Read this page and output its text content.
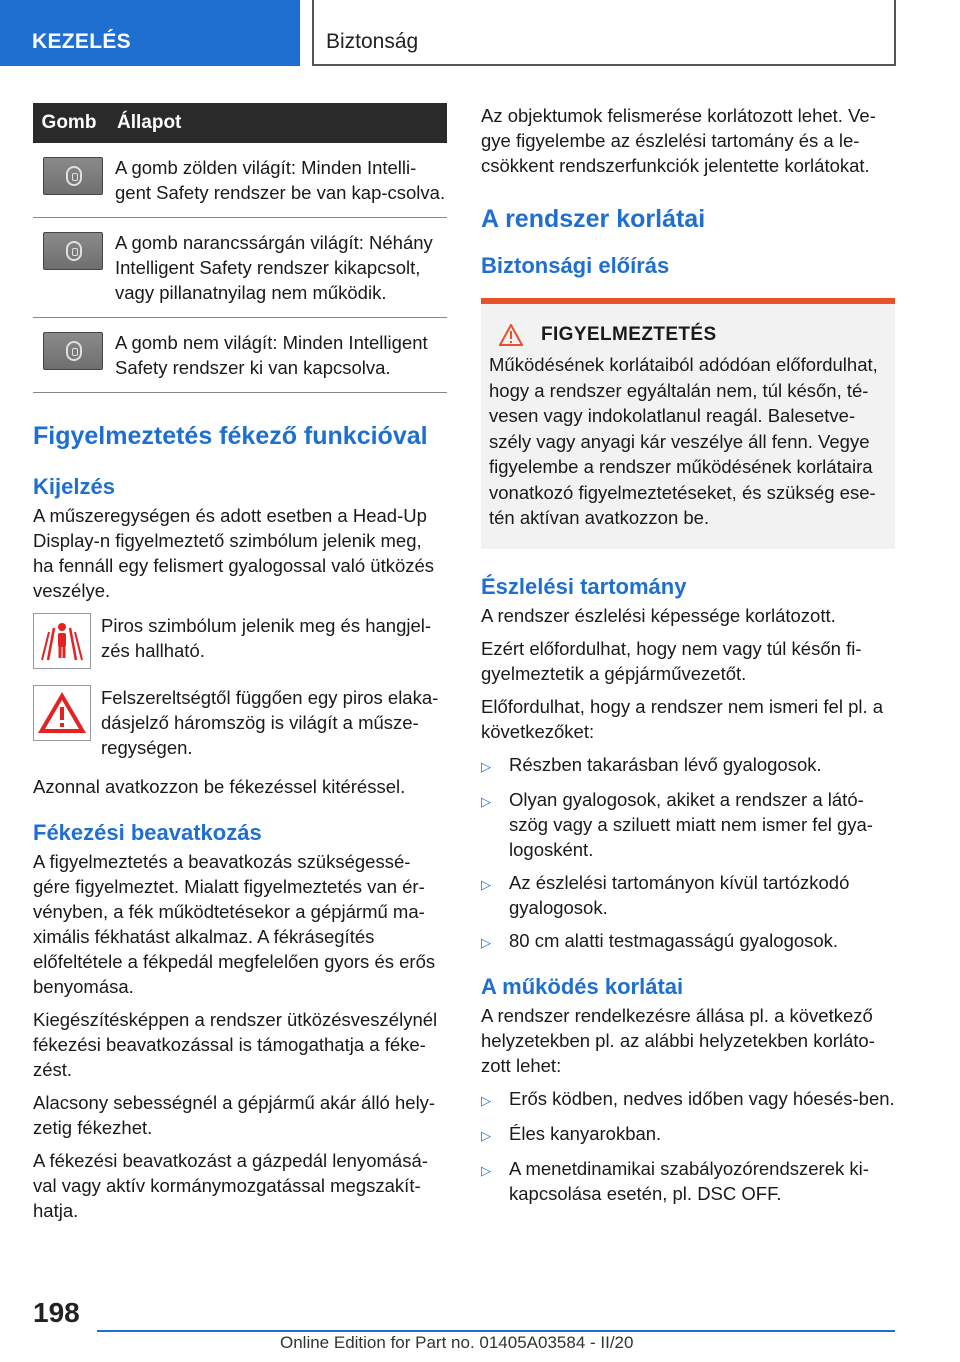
KEZELÉS	Biztonság
Gomb	Állapot
A gomb zölden világít: Minden Intelli-gent Safety rendszer be van kap-csolva.
A gomb narancssárgán világít: Néhány Intelligent Safety rendszer kikapcsolt, vagy pillanatnyilag nem működik.
A gomb nem világít: Minden Intelligent Safety rendszer ki van kapcsolva.
Figyelmeztetés fékező funkcióval
Kijelzés

A műszeregységen és adott esetben a Head-Up Display-n figyelmeztető szimbólum jelenik meg, ha fennáll egy felismert gyalogossal való ütközés veszélye.

Piros szimbólum jelenik meg és hangjel-zés hallható.
Felszereltségtől függően egy piros elaka-dásjelző háromszög is világít a műsze-regységen.

Azonnal avatkozzon be fékezéssel kitéréssel.

Fékezési beavatkozás

A figyelmeztetés a beavatkozás szükségessé-gére figyelmeztet. Mialatt figyelmeztetés van ér-vényben, a fék működtetésekor a gépjármű ma-ximális fékhatást alkalmaz. A fékrásegítés előfeltétele a fékpedál megfelelően gyors és erős benyomása.

Kiegészítésképpen a rendszer ütközésveszélynél fékezési beavatkozással is támogathatja a féke-zést.

Alacsony sebességnél a gépjármű akár álló hely-zetig fékezhet.

A fékezési beavatkozást a gázpedál lenyomásá-val vagy aktív kormánymozgatással megszakít-hatja.

Az objektumok felismerése korlátozott lehet. Ve-gye figyelembe az észlelési tartomány és a le-csökkent rendszerfunkciók jelentette korlátokat.

A rendszer korlátai
Biztonsági előírás
FIGYELMEZTETÉS

Működésének korlátaiból adódóan előfordulhat, hogy a rendszer egyáltalán nem, túl későn, té-vesen vagy indokolatlanul reagál. Balesetve-szély vagy anyagi kár veszélye áll fenn. Vegye figyelembe a rendszer működésének korlátaira vonatkozó figyelmeztetéseket, és szükség ese-tén aktívan avatkozzon be.

Észlelési tartomány

A rendszer észlelési képessége korlátozott.

Ezért előfordulhat, hogy nem vagy túl későn fi-gyelmeztetik a gépjárművezetőt.

Előfordulhat, hogy a rendszer nem ismeri fel pl. a következőket:

▷ Részben takarásban lévő gyalogosok.
▷ Olyan gyalogosok, akiket a rendszer a látó-szög vagy a sziluett miatt nem ismer fel gya-logosként.
▷ Az észlelési tartományon kívül tartózkodó gyalogosok.
▷ 80 cm alatti testmagasságú gyalogosok.
A működés korlátai

A rendszer rendelkezésre állása pl. a következő helyzetekben pl. az alábbi helyzetekben korláto-zott lehet:

▷ Erős ködben, nedves időben vagy hóesés-ben.
▷ Éles kanyarokban.
▷ A menetdinamikai szabályozórendszerek ki-kapcsolása esetén, pl. DSC OFF.
198
Online Edition for Part no. 01405A03584 - II/20
